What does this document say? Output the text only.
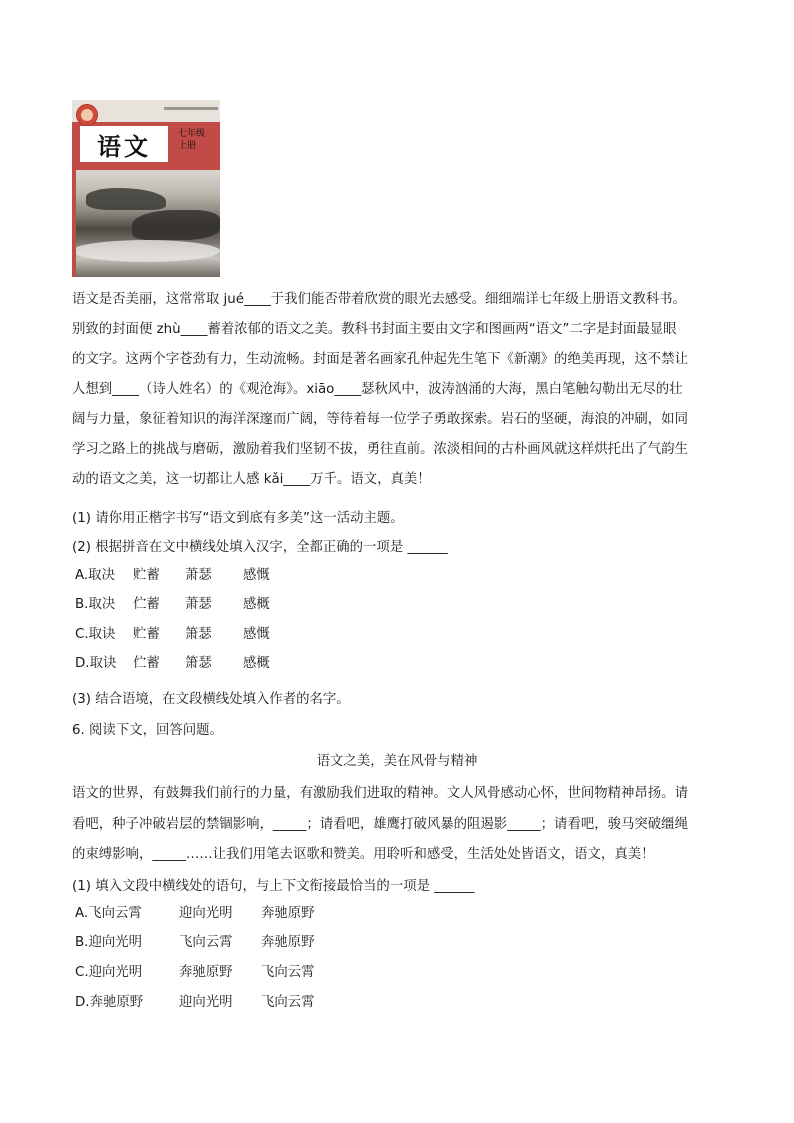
语文	七年级
上册
语文是否美丽，这常常取 jué____于我们能否带着欣赏的眼光去感受。细细端详七年级上册语文教科书。
别致的封面便 zhù____蓄着浓郁的语文之美。教科书封面主要由文字和图画两“语文”二字是封面最显眼
的文字。这两个字苍劲有力，生动流畅。封面是著名画家孔仲起先生笔下《新潮》的绝美再现，这不禁让
人想到____（诗人姓名）的《观沧海》。xiāo____瑟秋风中，波涛汹涌的大海，黑白笔触勾勒出无尽的壮
阔与力量，象征着知识的海洋深邃而广阔，等待着每一位学子勇敢探索。岩石的坚硬，海浪的冲刷，如同
学习之路上的挑战与磨砺，激励着我们坚韧不拔，勇往直前。浓淡相间的古朴画风就这样烘托出了气韵生
动的语文之美，这一切都让人感 kǎi____万千。语文，真美！
(1) 请你用正楷字书写“语文到底有多美”这一活动主题。
(2) 根据拼音在文中横线处填入汉字，全都正确的一项是 ______
A.取决 贮蓄 萧瑟 感慨
B.取决 伫蓄 萧瑟 感概
C.取诀 贮蓄 箫瑟 感慨
D.取诀 伫蓄 箫瑟 感概
(3) 结合语境，在文段横线处填入作者的名字。
6. 阅读下文，回答问题。
语文之美，美在风骨与精神
语文的世界，有鼓舞我们前行的力量，有激励我们进取的精神。文人风骨感动心怀，世间物精神昂扬。请
看吧，种子冲破岩层的禁锢影响，_____；请看吧，雄鹰打破风暴的阻遏影_____；请看吧，骏马突破缰绳
的束缚影响，_____……让我们用笔去讴歌和赞美。用聆听和感受，生活处处皆语文，语文，真美！
(1) 填入文段中横线处的语句，与上下文衔接最恰当的一项是 ______
A.飞向云霄	迎向光明 奔驰原野
B.迎向光明	飞向云霄 奔驰原野
C.迎向光明	奔驰原野 飞向云霄
D.奔驰原野	迎向光明 飞向云霄
